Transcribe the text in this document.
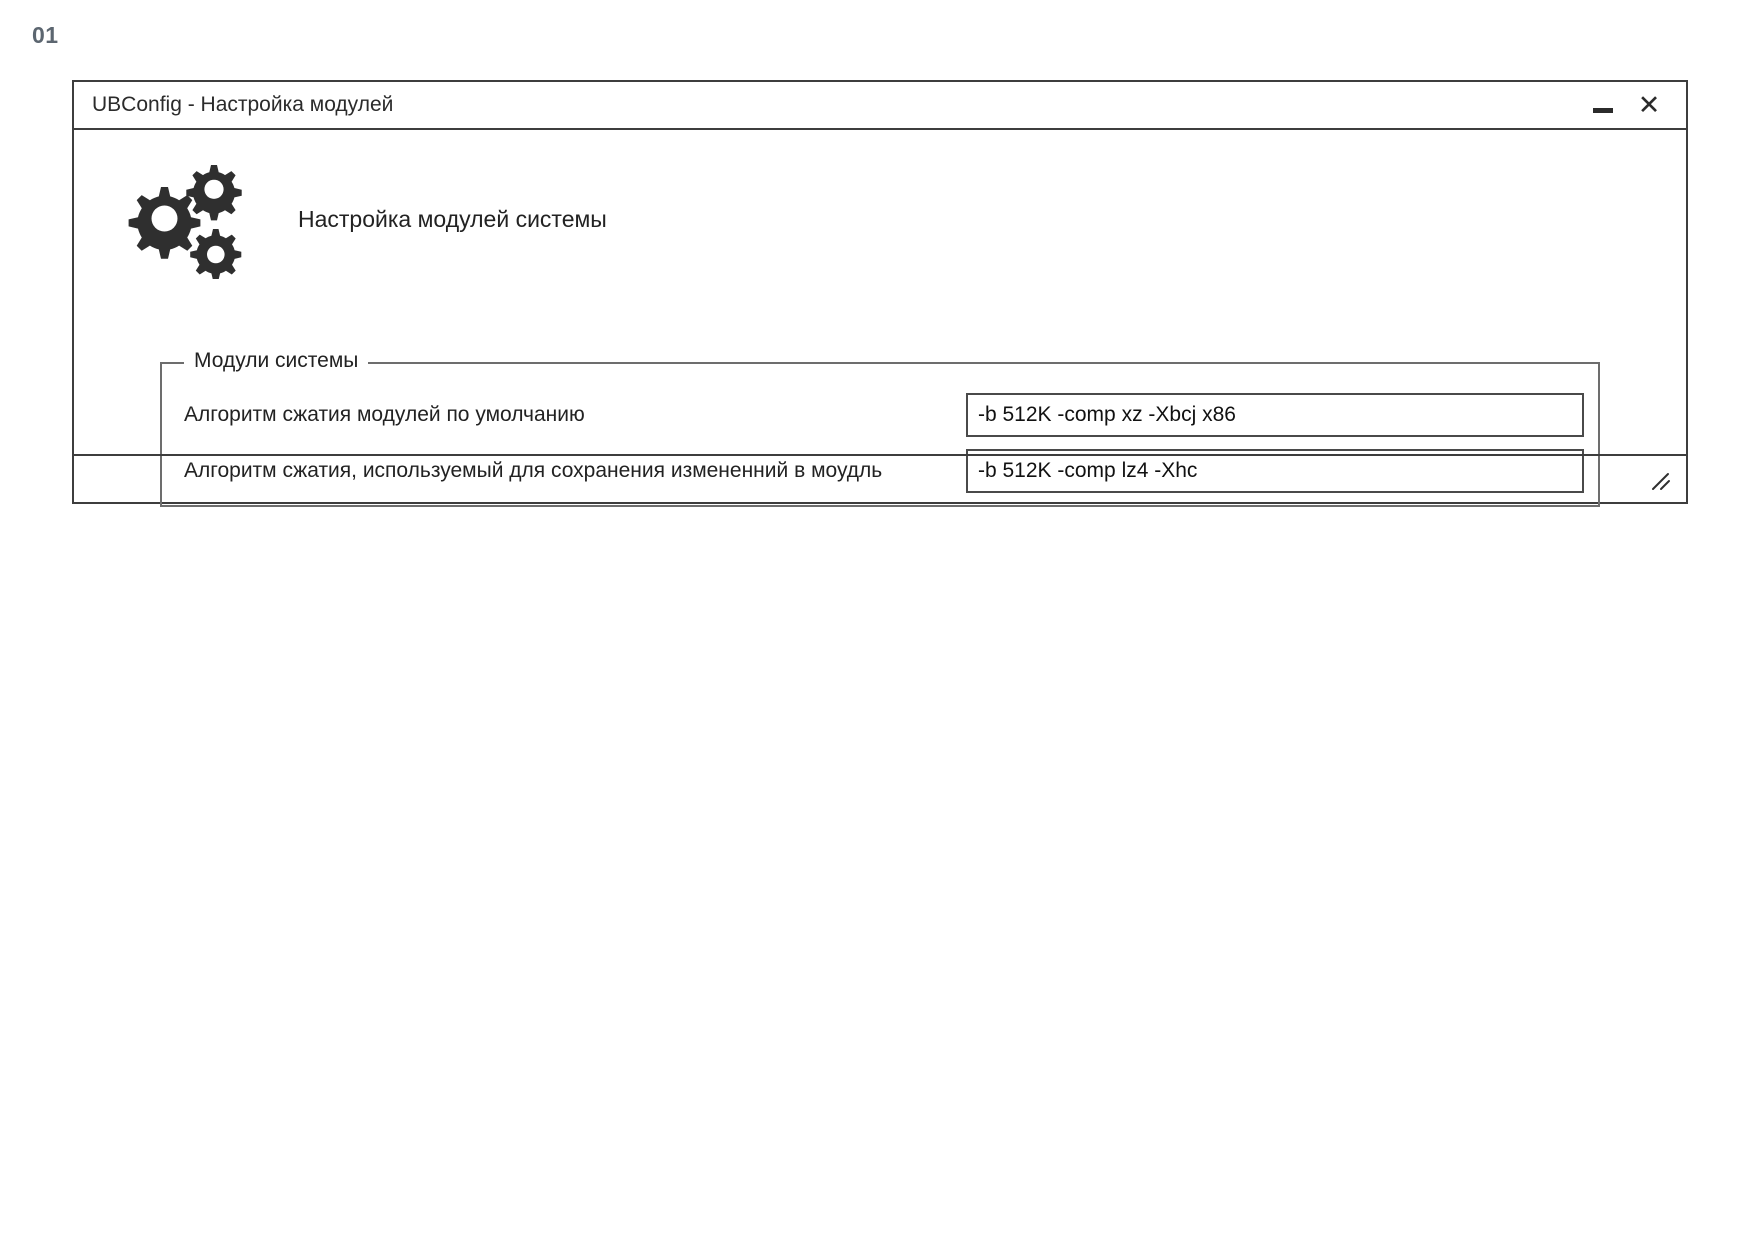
01
UBConfig - Настройка модулей	✕
Настройка модулей системы
Модули системы
Алгоритм сжатия модулей по умолчанию
-b 512K -comp xz -Xbcj x86
Алгоритм сжатия, используемый для сохранения измененний в моудль
-b 512K -comp lz4 -Xhc
